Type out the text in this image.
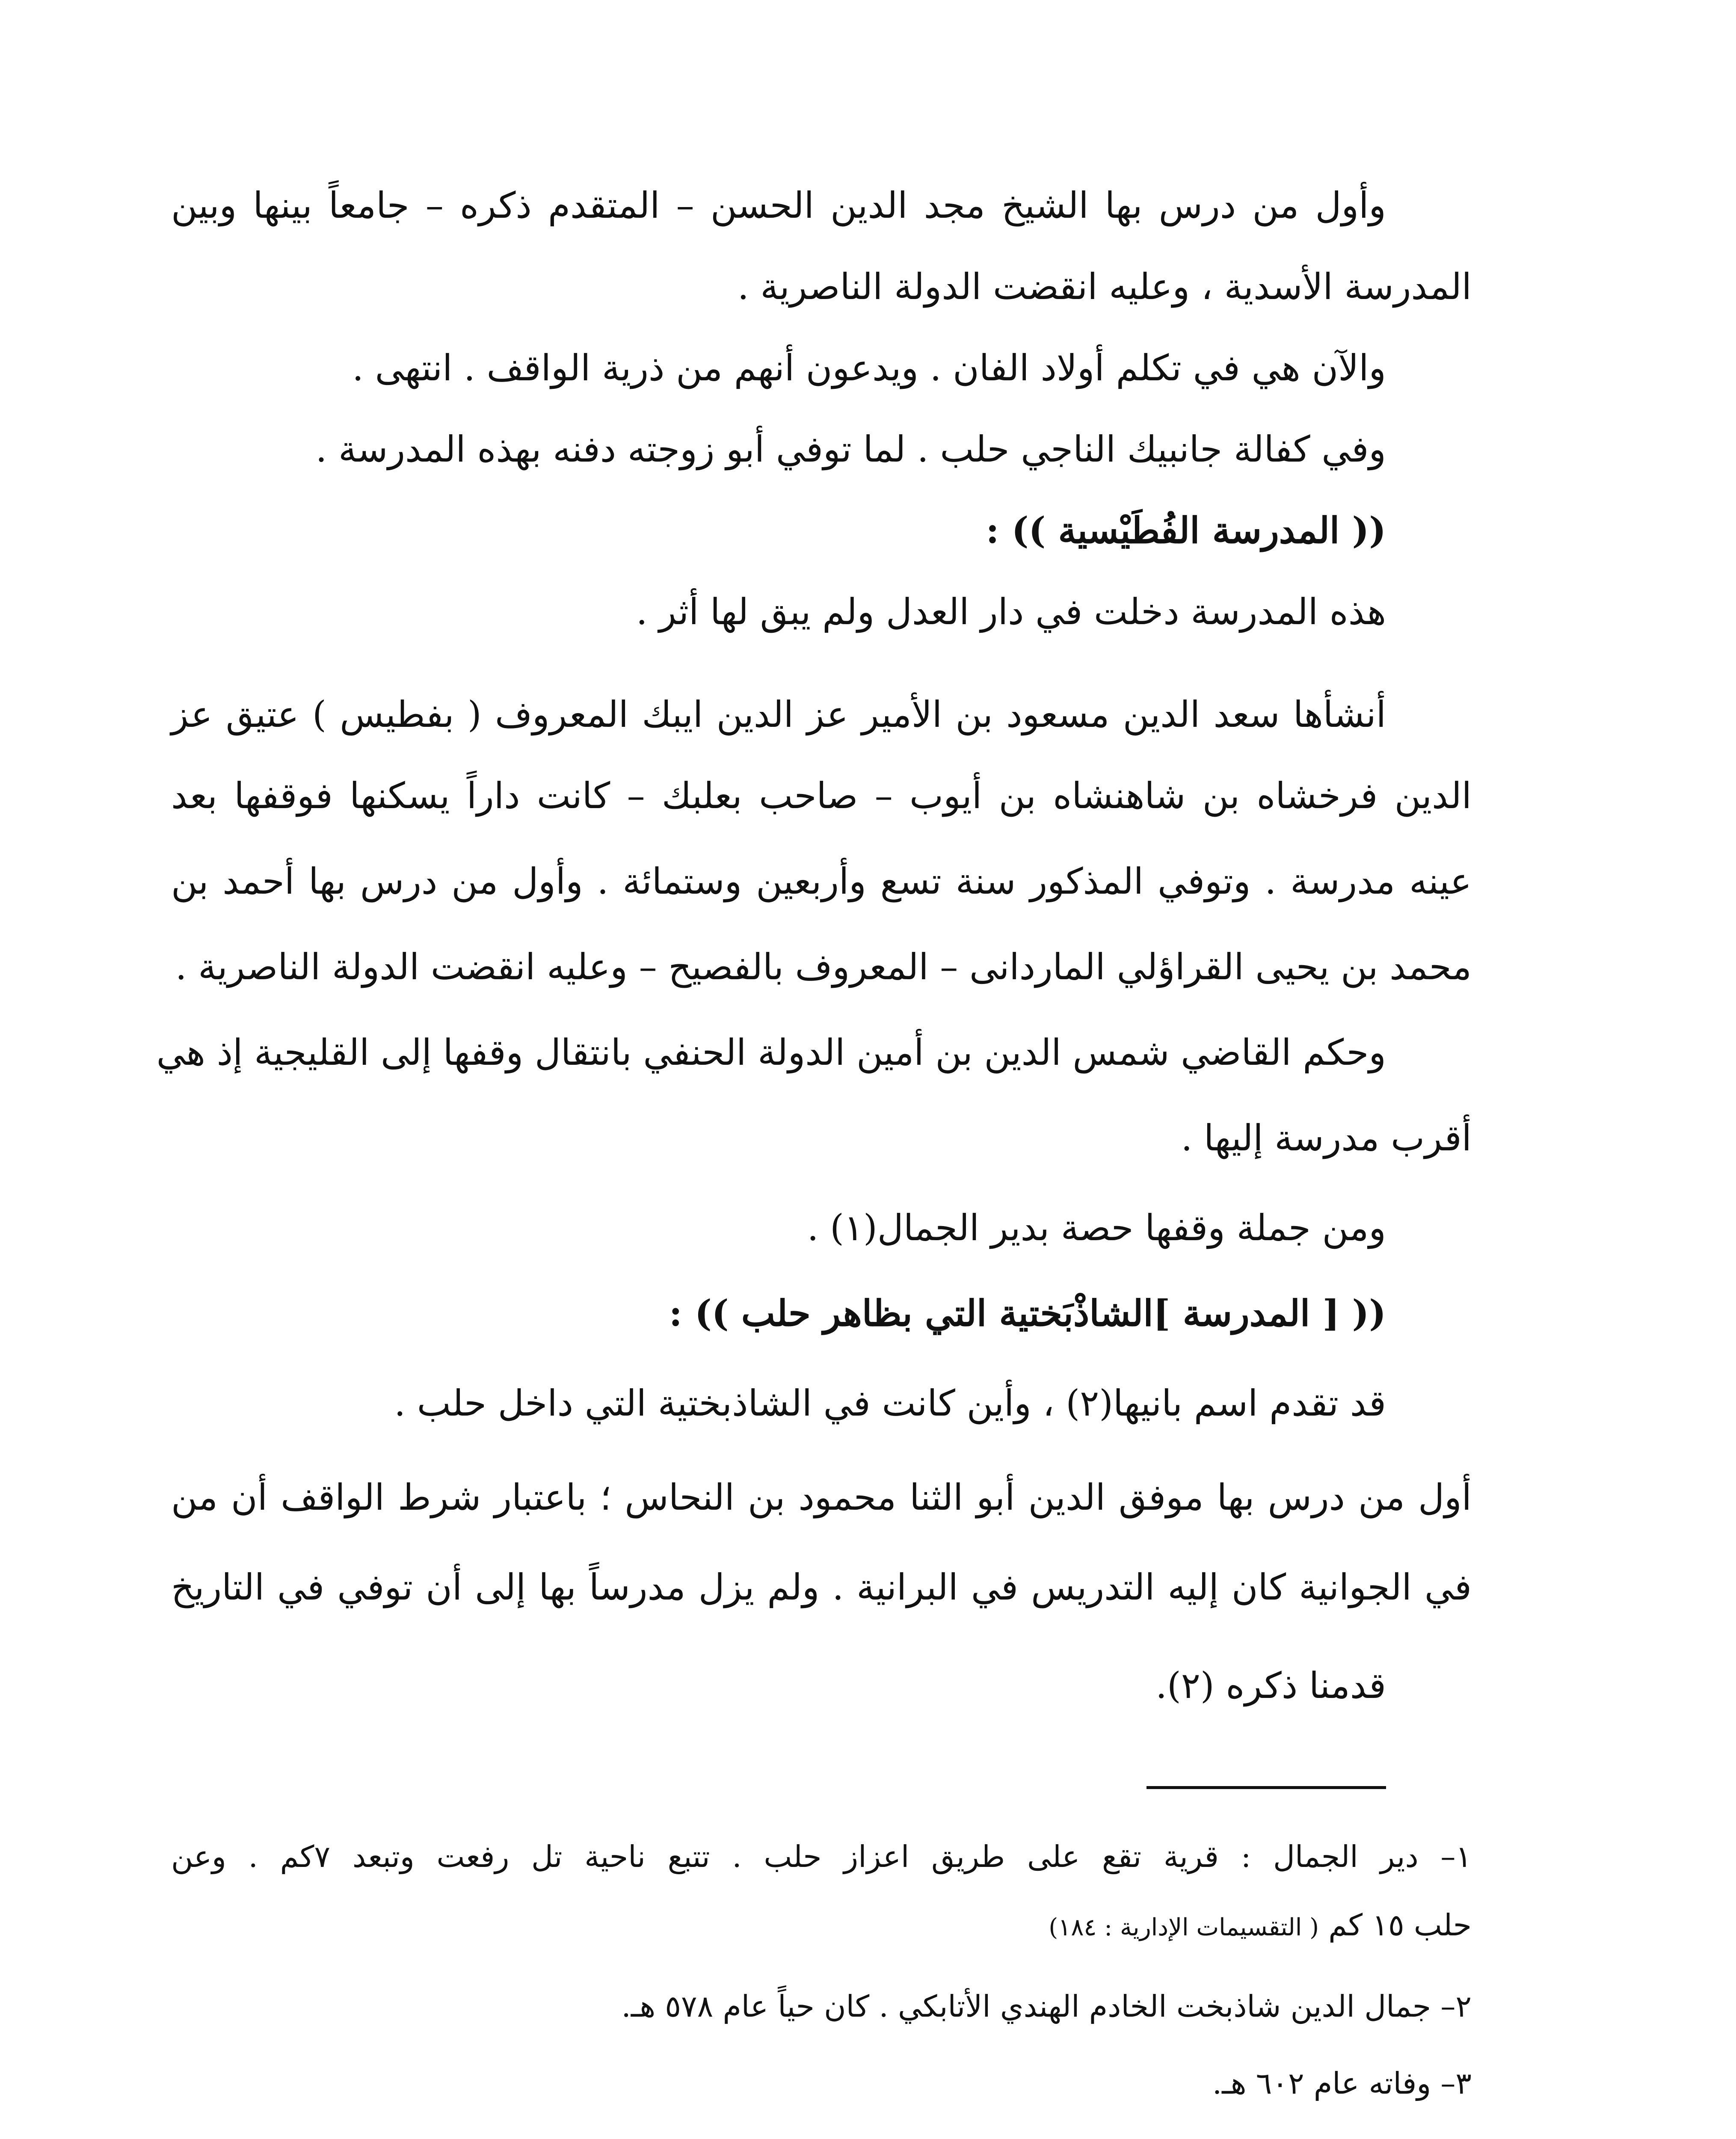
وأول من درس بها الشيخ مجد الدين الحسن – المتقدم ذكره – جامعاً بينها وبين
المدرسة الأسدية ، وعليه انقضت الدولة الناصرية .
والآن هي في تكلم أولاد الفان . ويدعون أنهم من ذرية الواقف . انتهى .
وفي كفالة جانبيك الناجي حلب . لما توفي أبو زوجته دفنه بهذه المدرسة .
(( المدرسة الفُطَيْسية )) :
هذه المدرسة دخلت في دار العدل ولم يبق لها أثر .
أنشأها سعد الدين مسعود بن الأمير عز الدين ايبك المعروف ( بفطيس ) عتيق عز
الدين فرخشاه بن شاهنشاه بن أيوب – صاحب بعلبك – كانت داراً يسكنها فوقفها بعد
عينه مدرسة . وتوفي المذكور سنة تسع وأربعين وستمائة . وأول من درس بها أحمد بن
محمد بن يحيى القراؤلي الماردانى – المعروف بالفصيح – وعليه انقضت الدولة الناصرية .
وحكم القاضي شمس الدين بن أمين الدولة الحنفي بانتقال وقفها إلى القليجية إذ هي
أقرب مدرسة إليها .
ومن جملة وقفها حصة بدير الجمال(١) .
(( [ المدرسة ]الشاذْبَختية التي بظاهر حلب )) :
قد تقدم اسم بانيها(٢) ، وأين كانت في الشاذبختية التي داخل حلب .
أول من درس بها موفق الدين أبو الثنا محمود بن النحاس ؛ باعتبار شرط الواقف أن من
في الجوانية كان إليه التدريس في البرانية . ولم يزل مدرساً بها إلى أن توفي في التاريخ
قدمنا ذكره (٢).
١– دير الجمال : قرية تقع على طريق اعزاز حلب . تتبع ناحية تل رفعت وتبعد ٧كم . وعن
حلب ١٥ كم ( التقسيمات الإدارية : ١٨٤)
٢– جمال الدين شاذبخت الخادم الهندي الأتابكي . كان حياً عام ٥٧٨ هـ.
٣– وفاته عام ٦٠٢ هـ.
